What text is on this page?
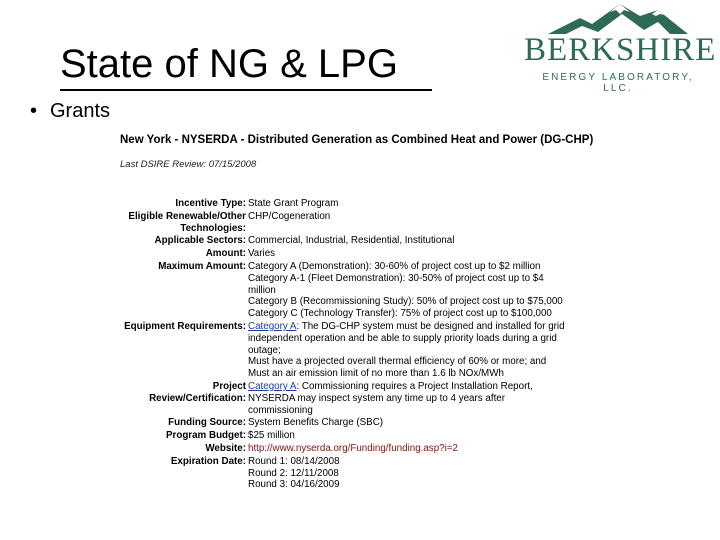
State of NG & LPG	BERKSHIRE
ENERGY LABORATORY, LLC.
• Grants
New York - NYSERDA - Distributed Generation as Combined Heat and Power (DG-CHP)
Last DSIRE Review: 07/15/2008
Incentive Type: State Grant Program
Eligible Renewable/Other
Technologies:
CHP/Cogeneration
Applicable Sectors: Commercial, Industrial, Residential, Institutional
Amount: Varies
Maximum Amount: Category A (Demonstration): 30-60% of project cost up to $2 million
Category A-1 (Fleet Demonstration): 30-50% of project cost up to $4
million
Category B (Recommissioning Study): 50% of project cost up to $75,000
Category C (Technology Transfer): 75% of project cost up to $100,000
Equipment Requirements: Category A: The DG-CHP system must be designed and installed for grid
independent operation and be able to supply priority loads during a grid
outage;
Must have a projected overall thermal efficiency of 60% or more; and
Must an air emission limit of no more than 1.6 lb NOx/MWh
Project
Review/Certification:
Category A: Commissioning requires a Project Installation Report,
NYSERDA may inspect system any time up to 4 years after
commissioning
Funding Source: System Benefits Charge (SBC)
Program Budget: $25 million
Website: http://www.nyserda.org/Funding/funding.asp?i=2
Expiration Date: Round 1: 08/14/2008
Round 2: 12/11/2008
Round 3: 04/16/2009
